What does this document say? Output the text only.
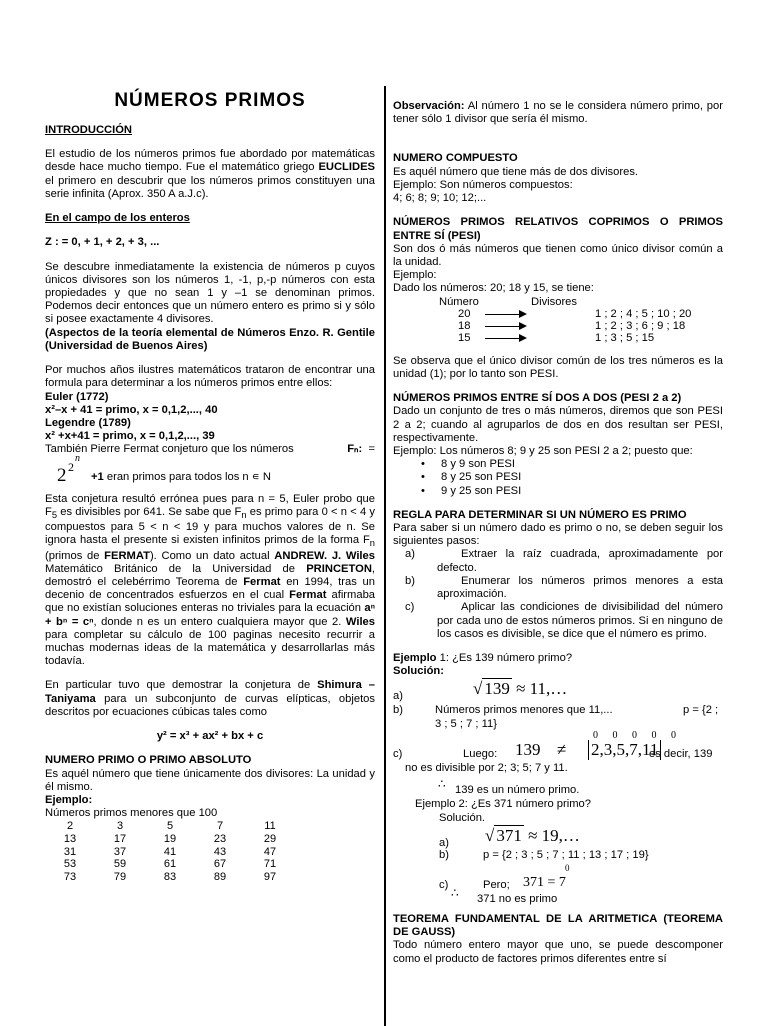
NÚMEROS PRIMOS

INTRODUCCIÓN

El estudio de los números primos fue abordado por matemáticas desde hace mucho tiempo. Fue el matemático griego EUCLIDES el primero en descubrir que los números primos constituyen una serie infinita (Aprox. 350 A a.J.c).

En el campo de los enteros

Z : = 0, + 1, + 2, + 3, ...

Se descubre inmediatamente la existencia de números p cuyos únicos divisores son los números 1, -1, p,-p números con esta propiedades y que no sean 1 y –1 se denominan primos. Podemos decir entonces que un número entero es primo si y sólo si posee exactamente 4 divisores.

(Aspectos de la teoría elemental de Números Enzo. R. Gentile (Universidad de Buenos Aires)

Por muchos años ilustres matemáticos trataron de encontrar una formula para determinar a los números primos entre ellos:

Euler (1772)

x²–x + 41 = primo, x = 0,1,2,..., 40

Legendre (1789)

x² +x+41 = primo, x = 0,1,2,..., 39

También Pierre Fermat conjeturo que los números	Fₙ: =

2 2
n
+1 eran primos para todos los n ∊ N

Esta conjetura resultó errónea pues para n = 5, Euler probo que $F_5$ es divisibles por 641. Se sabe que $F_n$ es primo para 0 < n < 4 y compuestos para 5 < n < 19 y para muchos valores de n. Se ignora hasta el presente si existen infinitos primos de la forma $F_n$ (primos de FERMAT). Como un dato actual ANDREW. J. Wiles Matemático Británico de la Universidad de PRINCETON, demostró el celebérrimo Teorema de Fermat en 1994, tras un decenio de concentrados esfuerzos en el cual Fermat afirmaba que no existían soluciones enteras no triviales para la ecuación aⁿ + bⁿ = cⁿ, donde n es un entero cualquiera mayor que 2. Wiles para completar su cálculo de 100 paginas necesito recurrir a muchas modernas ideas de la matemática y desarrollarlas más todavía.

En particular tuvo que demostrar la conjetura de Shimura – Taniyama para un subconjunto de curvas elípticas, objetos descritos por ecuaciones cúbicas tales como

y² = x³ + ax² + bx + c

NUMERO PRIMO O PRIMO ABSOLUTO

Es aquél número que tiene únicamente dos divisores: La unidad y él mismo.

Ejemplo:

Números primos menores que 100

2	3	5	7	11
13	17	19	23	29
31	37	41	43	47
53	59	61	67	71
73	79	83	89	97

Observación: Al número 1 no se le considera número primo, por tener sólo 1 divisor que sería él mismo.

NUMERO COMPUESTO

Es aquél número que tiene más de dos divisores.

Ejemplo: Son números compuestos:

4; 6; 8; 9; 10; 12;...

NÚMEROS PRIMOS RELATIVOS COPRIMOS O PRIMOS ENTRE SÍ (PESI)

Son dos ó más números que tienen como único divisor común a la unidad.

Ejemplo:

Dado los números: 20; 18 y 15, se tiene:

Número	Divisores
20	1 ; 2 ; 4 ; 5 ; 10 ; 20
18	1 ; 2 ; 3 ; 6 ; 9 ; 18
15	1 ; 3 ; 5 ; 15

Se observa que el único divisor común de los tres números es la unidad (1); por lo tanto son PESI.

NÚMEROS PRIMOS ENTRE SÍ DOS A DOS (PESI 2 a 2)

Dado un conjunto de tres o más números, diremos que son PESI 2 a 2; cuando al agruparlos de dos en dos resultan ser PESI, respectivamente.

Ejemplo: Los números 8; 9 y 25 son PESI 2 a 2; puesto que:

• 8 y 9 son PESI
• 8 y 25 son PESI
• 9 y 25 son PESI

REGLA PARA DETERMINAR SI UN NÚMERO ES PRIMO

Para saber si un número dado es primo o no, se deben seguir los siguientes pasos:

a)	Extraer la raíz cuadrada, aproximadamente por defecto.
b)	Enumerar los números primos menores a esta aproximación.
c)	Aplicar las condiciones de divisibilidad del número por cada uno de estos números primos. Si en ninguno de los casos es divisible, se dice que el número es primo.

Ejemplo 1: ¿Es 139 número primo?

Solución:

a)	√ 139 ≈ 11,…
b)	Números primos menores que 11,...	p = {2 ; 3 ; 5 ; 7 ; 11}
c)	Luego: 139 ≠
0 0 0 0 0
2,3,5,7,11
es decir, 139
no es divisible por 2; 3; 5; 7 y 11.
∴ 139 es un número primo.

Ejemplo 2: ¿Es 371 número primo?

Solución.

a) √ 371 ≈ 19,…
b)	p = {2 ; 3 ; 5 ; 7 ; 11 ; 13 ; 17 ; 19}
c)	Pero;
0
371 = 7
∴ 371 no es primo

TEOREMA FUNDAMENTAL DE LA ARITMETICA (TEOREMA DE GAUSS)

Todo número entero mayor que uno, se puede descomponer como el producto de factores primos diferentes entre sí
